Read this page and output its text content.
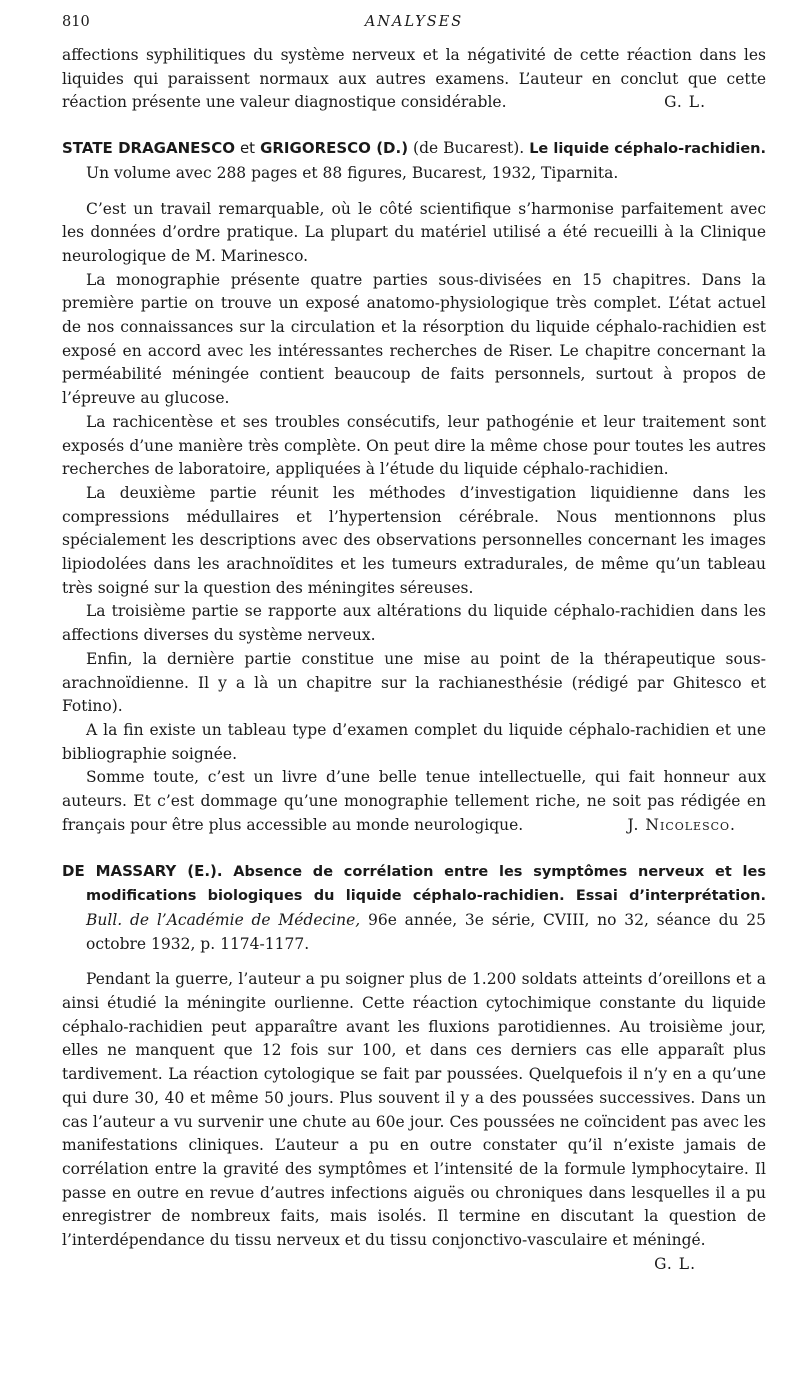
810	ANALYSES

affections syphilitiques du système nerveux et la négativité de cette réaction dans les liquides qui paraissent normaux aux autres examens. L’auteur en conclut que cette réaction présente une valeur diagnostique considérable.	G. L.

STATE DRAGANESCO et GRIGORESCO (D.) (de Bucarest). Le liquide céphalo-rachidien. Un volume avec 288 pages et 88 figures, Bucarest, 1932, Tiparnita.

C’est un travail remarquable, où le côté scientifique s’harmonise parfaitement avec les données d’ordre pratique. La plupart du matériel utilisé a été recueilli à la Clinique neurologique de M. Marinesco.

La monographie présente quatre parties sous-divisées en 15 chapitres. Dans la première partie on trouve un exposé anatomo-physiologique très complet. L’état actuel de nos connaissances sur la circulation et la résorption du liquide céphalo-rachidien est exposé en accord avec les intéressantes recherches de Riser. Le chapitre concernant la perméabilité méningée contient beaucoup de faits personnels, surtout à propos de l’épreuve au glucose.

La rachicentèse et ses troubles consécutifs, leur pathogénie et leur traitement sont exposés d’une manière très complète. On peut dire la même chose pour toutes les autres recherches de laboratoire, appliquées à l’étude du liquide céphalo-rachidien.

La deuxième partie réunit les méthodes d’investigation liquidienne dans les compressions médullaires et l’hypertension cérébrale. Nous mentionnons plus spécialement les descriptions avec des observations personnelles concernant les images lipiodolées dans les arachnoïdites et les tumeurs extradurales, de même qu’un tableau très soigné sur la question des méningites séreuses.

La troisième partie se rapporte aux altérations du liquide céphalo-rachidien dans les affections diverses du système nerveux.

Enfin, la dernière partie constitue une mise au point de la thérapeutique sous-arachnoïdienne. Il y a là un chapitre sur la rachianesthésie (rédigé par Ghitesco et Fotino).

A la fin existe un tableau type d’examen complet du liquide céphalo-rachidien et une bibliographie soignée.

Somme toute, c’est un livre d’une belle tenue intellectuelle, qui fait honneur aux auteurs. Et c’est dommage qu’une monographie tellement riche, ne soit pas rédigée en français pour être plus accessible au monde neurologique.	J. Nicolesco.

DE MASSARY (E.). Absence de corrélation entre les symptômes nerveux et les modifications biologiques du liquide céphalo-rachidien. Essai d’interprétation. Bull. de l’Académie de Médecine, 96e année, 3e série, CVIII, no 32, séance du 25 octobre 1932, p. 1174-1177.

Pendant la guerre, l’auteur a pu soigner plus de 1.200 soldats atteints d’oreillons et a ainsi étudié la méningite ourlienne. Cette réaction cytochimique constante du liquide céphalo-rachidien peut apparaître avant les fluxions parotidiennes. Au troisième jour, elles ne manquent que 12 fois sur 100, et dans ces derniers cas elle apparaît plus tardivement. La réaction cytologique se fait par poussées. Quelquefois il n’y en a qu’une qui dure 30, 40 et même 50 jours. Plus souvent il y a des poussées successives. Dans un cas l’auteur a vu survenir une chute au 60e jour. Ces poussées ne coïncident pas avec les manifestations cliniques. L’auteur a pu en outre constater qu’il n’existe jamais de corrélation entre la gravité des symptômes et l’intensité de la formule lymphocytaire. Il passe en outre en revue d’autres infections aiguës ou chroniques dans lesquelles il a pu enregistrer de nombreux faits, mais isolés. Il termine en discutant la question de l’interdépendance du tissu nerveux et du tissu conjonctivo-vasculaire et méningé.

G. L.
